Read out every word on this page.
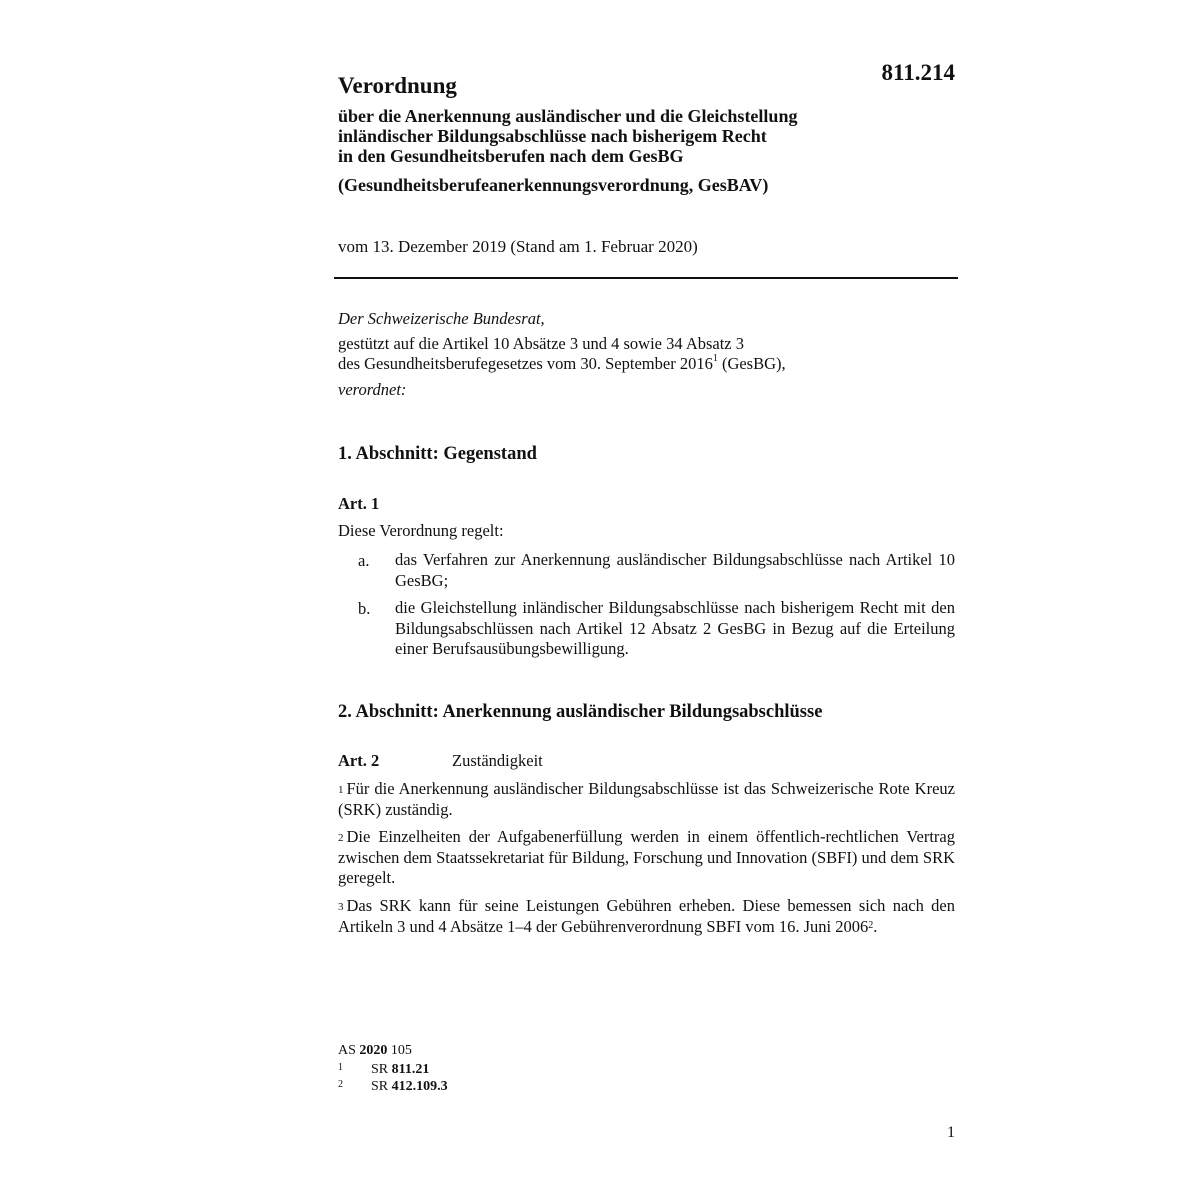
811.214
Verordnung
über die Anerkennung ausländischer und die Gleichstellung
inländischer Bildungsabschlüsse nach bisherigem Recht
in den Gesundheitsberufen nach dem GesBG
(Gesundheitsberufeanerkennungsverordnung, GesBAV)
vom 13. Dezember 2019 (Stand am 1. Februar 2020)
Der Schweizerische Bundesrat,
gestützt auf die Artikel 10 Absätze 3 und 4 sowie 34 Absatz 3
des Gesundheitsberufegesetzes vom 30. September 2016$^1$ (GesBG),
verordnet:
1. Abschnitt: Gegenstand
Art. 1
Diese Verordnung regelt:
a. das Verfahren zur Anerkennung ausländischer Bildungsabschlüsse nach Artikel 10 GesBG;
b. die Gleichstellung inländischer Bildungsabschlüsse nach bisherigem Recht mit den Bildungsabschlüssen nach Artikel 12 Absatz 2 GesBG in Bezug auf die Erteilung einer Berufsausübungsbewilligung.
2. Abschnitt: Anerkennung ausländischer Bildungsabschlüsse
Art. 2	Zuständigkeit
$^1$ Für die Anerkennung ausländischer Bildungsabschlüsse ist das Schweizerische Rote Kreuz (SRK) zuständig.
$^2$ Die Einzelheiten der Aufgabenerfüllung werden in einem öffentlich-rechtlichen Vertrag zwischen dem Staatssekretariat für Bildung, Forschung und Innovation (SBFI) und dem SRK geregelt.
$^3$ Das SRK kann für seine Leistungen Gebühren erheben. Diese bemessen sich nach den Artikeln 3 und 4 Absätze 1–4 der Gebührenverordnung SBFI vom 16. Juni 2006$^2$.
AS 2020 105
1 SR 811.21
2 SR 412.109.3
1
